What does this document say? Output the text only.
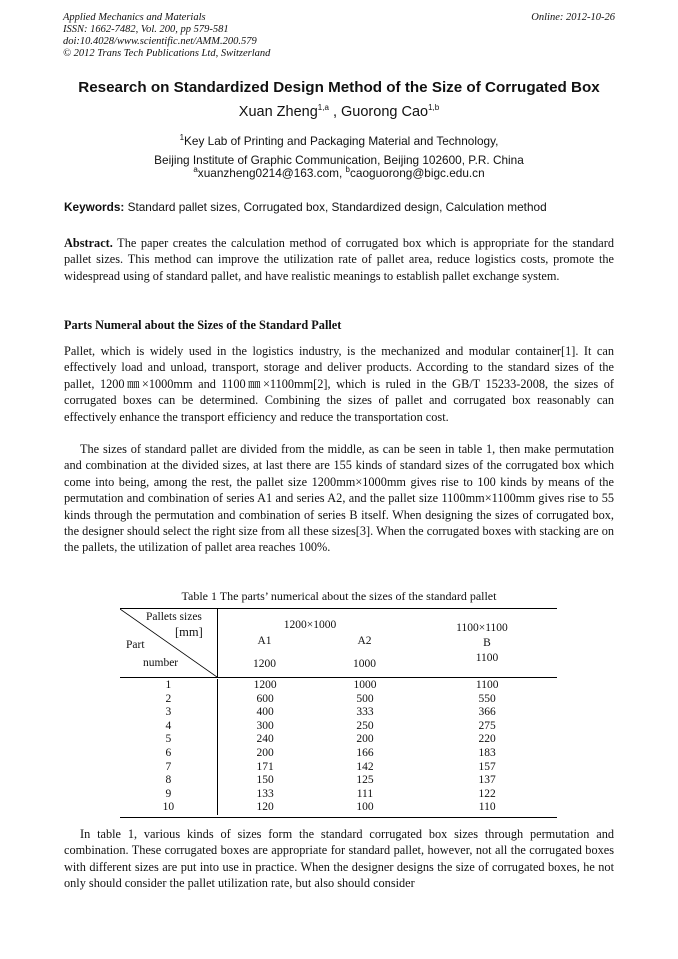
Applied Mechanics and Materials
ISSN: 1662-7482, Vol. 200, pp 579-581
doi:10.4028/www.scientific.net/AMM.200.579
© 2012 Trans Tech Publications Ltd, Switzerland
Online: 2012-10-26
Research on Standardized Design Method of the Size of Corrugated Box
Xuan Zheng$^{1,a}$ , Guorong Cao$^{1,b}$
$^1$Key Lab of Printing and Packaging Material and Technology,
Beijing Institute of Graphic Communication, Beijing 102600, P.R. China
$^a$xuanzheng0214@163.com, $^b$caoguorong@bigc.edu.cn
Keywords: Standard pallet sizes, Corrugated box, Standardized design, Calculation method
Abstract. The paper creates the calculation method of corrugated box which is appropriate for the standard pallet sizes. This method can improve the utilization rate of pallet area, reduce logistics costs, promote the widespread using of standard pallet, and have realistic meanings to establish pallet exchange system.
Parts Numeral about the Sizes of the Standard Pallet
Pallet, which is widely used in the logistics industry, is the mechanized and modular container[1]. It can effectively load and unload, transport, storage and deliver products. According to the standard sizes of the pallet, 1200㎜×1000mm and 1100㎜×1100mm[2], which is ruled in the GB/T 15233-2008, the sizes of corrugated boxes can be determined. Combining the sizes of pallet and corrugated box reasonably can effectively enhance the transport efficiency and reduce the transportation cost.
The sizes of standard pallet are divided from the middle, as can be seen in table 1, then make permutation and combination at the divided sizes, at last there are 155 kinds of standard sizes of the corrugated box which come into being, among the rest, the pallet size 1200mm×1000mm gives rise to 100 kinds by means of the permutation and combination of series A1 and series A2, and the pallet size 1100mm×1100mm gives rise to 55 kinds through the permutation and combination of series B itself. When designing the sizes of corrugated box, the designer should select the right size from all these sizes[3]. When the corrugated boxes with stacking are on the pallets, the utilization of pallet area reaches 100%.
Table 1 The parts’ numerical about the sizes of the standard pallet
Pallets sizes
[mm]
Part
number
1200×1000	1100×1100
A1	A2	B
1200	1000	1100
1	1200	1000	1100
2	600	500	550
3	400	333	366
4	300	250	275
5	240	200	220
6	200	166	183
7	171	142	157
8	150	125	137
9	133	111	122
10	120	100	110
In table 1, various kinds of sizes form the standard corrugated box sizes through permutation and combination. These corrugated boxes are appropriate for standard pallet, however, not all the corrugated boxes with different sizes are put into use in practice. When the designer designs the size of corrugated boxes, he not only should consider the pallet utilization rate, but also should consider
